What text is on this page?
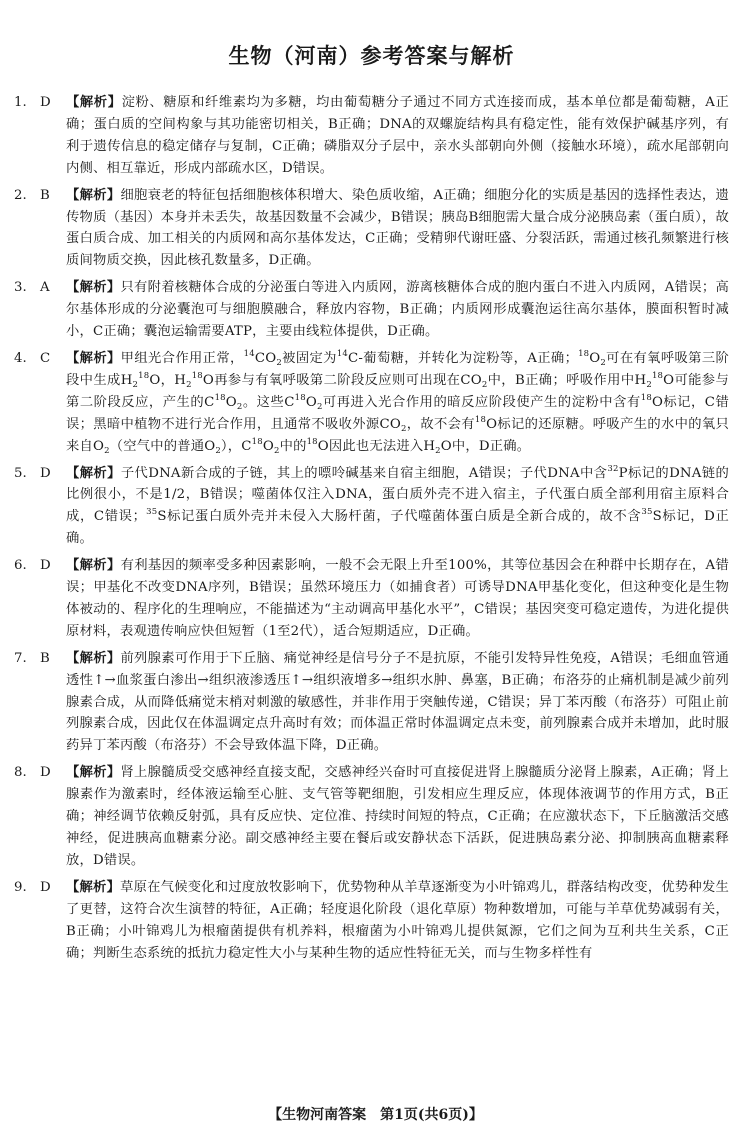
生物（河南）参考答案与解析
1.	D	【解析】淀粉、糖原和纤维素均为多糖，均由葡萄糖分子通过不同方式连接而成，基本单位都是葡萄糖，A正确；蛋白质的空间构象与其功能密切相关，B正确；DNA的双螺旋结构具有稳定性，能有效保护碱基序列，有利于遗传信息的稳定储存与复制，C正确；磷脂双分子层中，亲水头部朝向外侧（接触水环境），疏水尾部朝向内侧、相互靠近，形成内部疏水区，D错误。
2.	B	【解析】细胞衰老的特征包括细胞核体积增大、染色质收缩，A正确；细胞分化的实质是基因的选择性表达，遗传物质（基因）本身并未丢失，故基因数量不会减少，B错误；胰岛B细胞需大量合成分泌胰岛素（蛋白质），故蛋白质合成、加工相关的内质网和高尔基体发达，C正确；受精卵代谢旺盛、分裂活跃，需通过核孔频繁进行核质间物质交换，因此核孔数量多，D正确。
3.	A	【解析】只有附着核糖体合成的分泌蛋白等进入内质网，游离核糖体合成的胞内蛋白不进入内质网，A错误；高尔基体形成的分泌囊泡可与细胞膜融合，释放内容物，B正确；内质网形成囊泡运往高尔基体，膜面积暂时减小，C正确；囊泡运输需要ATP，主要由线粒体提供，D正确。
4.	C	【解析】甲组光合作用正常，$^{14}CO_2$被固定为$^{14}$C-葡萄糖，并转化为淀粉等，A正确；$^{18}O_2$可在有氧呼吸第三阶段中生成$H_2^{18}O$，$H_2^{18}O$再参与有氧呼吸第二阶段反应则可出现在$CO_2$中，B正确；呼吸作用中$H_2^{18}O$可能参与第二阶段反应，产生的$C^{18}O_2$。这些$C^{18}O_2$可再进入光合作用的暗反应阶段使产生的淀粉中含有$^{18}$O标记，C错误；黑暗中植物不进行光合作用，且通常不吸收外源$CO_2$，故不会有$^{18}$O标记的还原糖。呼吸产生的水中的氧只来自$O_2$（空气中的普通$O_2$），$C^{18}O_2$中的$^{18}$O因此也无法进入$H_2O$中，D正确。
5.	D	【解析】子代DNA新合成的子链，其上的嘌呤碱基来自宿主细胞，A错误；子代DNA中含$^{32}$P标记的DNA链的比例很小，不是1/2，B错误；噬菌体仅注入DNA，蛋白质外壳不进入宿主，子代蛋白质全部利用宿主原料合成，C错误；$^{35}$S标记蛋白质外壳并未侵入大肠杆菌，子代噬菌体蛋白质是全新合成的，故不含$^{35}$S标记，D正确。
6.	D	【解析】有利基因的频率受多种因素影响，一般不会无限上升至100%，其等位基因会在种群中长期存在，A错误；甲基化不改变DNA序列，B错误；虽然环境压力（如捕食者）可诱导DNA甲基化变化，但这种变化是生物体被动的、程序化的生理响应，不能描述为“主动调高甲基化水平”，C错误；基因突变可稳定遗传，为进化提供原材料，表观遗传响应快但短暂（1至2代），适合短期适应，D正确。
7.	B	【解析】前列腺素可作用于下丘脑、痛觉神经是信号分子不是抗原，不能引发特异性免疫，A错误；毛细血管通透性↑→血浆蛋白渗出→组织液渗透压↑→组织液增多→组织水肿、鼻塞，B正确；布洛芬的止痛机制是减少前列腺素合成，从而降低痛觉末梢对刺激的敏感性，并非作用于突触传递，C错误；异丁苯丙酸（布洛芬）可阻止前列腺素合成，因此仅在体温调定点升高时有效；而体温正常时体温调定点未变，前列腺素合成并未增加，此时服药异丁苯丙酸（布洛芬）不会导致体温下降，D正确。
8.	D	【解析】肾上腺髓质受交感神经直接支配，交感神经兴奋时可直接促进肾上腺髓质分泌肾上腺素，A正确；肾上腺素作为激素时，经体液运输至心脏、支气管等靶细胞，引发相应生理反应，体现体液调节的作用方式，B正确；神经调节依赖反射弧，具有反应快、定位准、持续时间短的特点，C正确；在应激状态下，下丘脑激活交感神经，促进胰高血糖素分泌。副交感神经主要在餐后或安静状态下活跃，促进胰岛素分泌、抑制胰高血糖素释放，D错误。
9.	D	【解析】草原在气候变化和过度放牧影响下，优势物种从羊草逐渐变为小叶锦鸡儿，群落结构改变，优势种发生了更替，这符合次生演替的特征，A正确；轻度退化阶段（退化草原）物种数增加，可能与羊草优势减弱有关，B正确；小叶锦鸡儿为根瘤菌提供有机养料，根瘤菌为小叶锦鸡儿提供氮源，它们之间为互利共生关系，C正确；判断生态系统的抵抗力稳定性大小与某种生物的适应性特征无关，而与生物多样性有
【生物河南答案　第1页(共6页)】
